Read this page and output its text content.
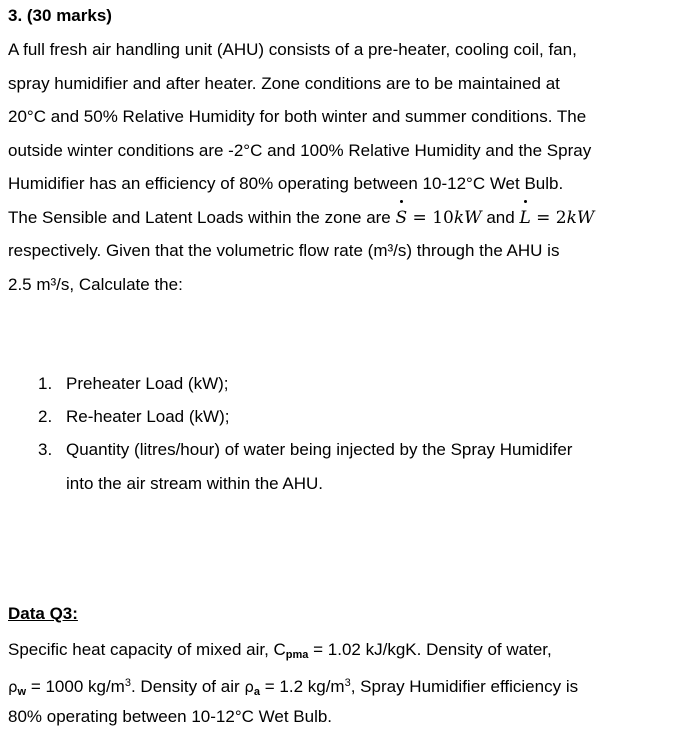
3. (30 marks)
A full fresh air handling unit (AHU) consists of a pre-heater, cooling coil, fan,
spray humidifier and after heater. Zone conditions are to be maintained at
20°C and 50% Relative Humidity for both winter and summer conditions. The
outside winter conditions are -2°C and 100% Relative Humidity and the Spray
Humidifier has an efficiency of 80% operating between 10-12°C Wet Bulb.
The Sensible and Latent Loads within the zone are S = 10kW and L = 2kW
respectively. Given that the volumetric flow rate (m³/s) through the AHU is
2.5 m³/s, Calculate the:
1. Preheater Load (kW);
2. Re-heater Load (kW);
3. Quantity (litres/hour) of water being injected by the Spray Humidifer
into the air stream within the AHU.
Data Q3:
Specific heat capacity of mixed air, $C_{pma} = 1.02$ kJ/kgK. Density of water,
$\rho_w = 1000$ $kg/m^3$. Density of air $\rho_a = 1.2$ $kg/m^3$, Spray Humidifier efficiency is
80% operating between 10-12°C Wet Bulb.
